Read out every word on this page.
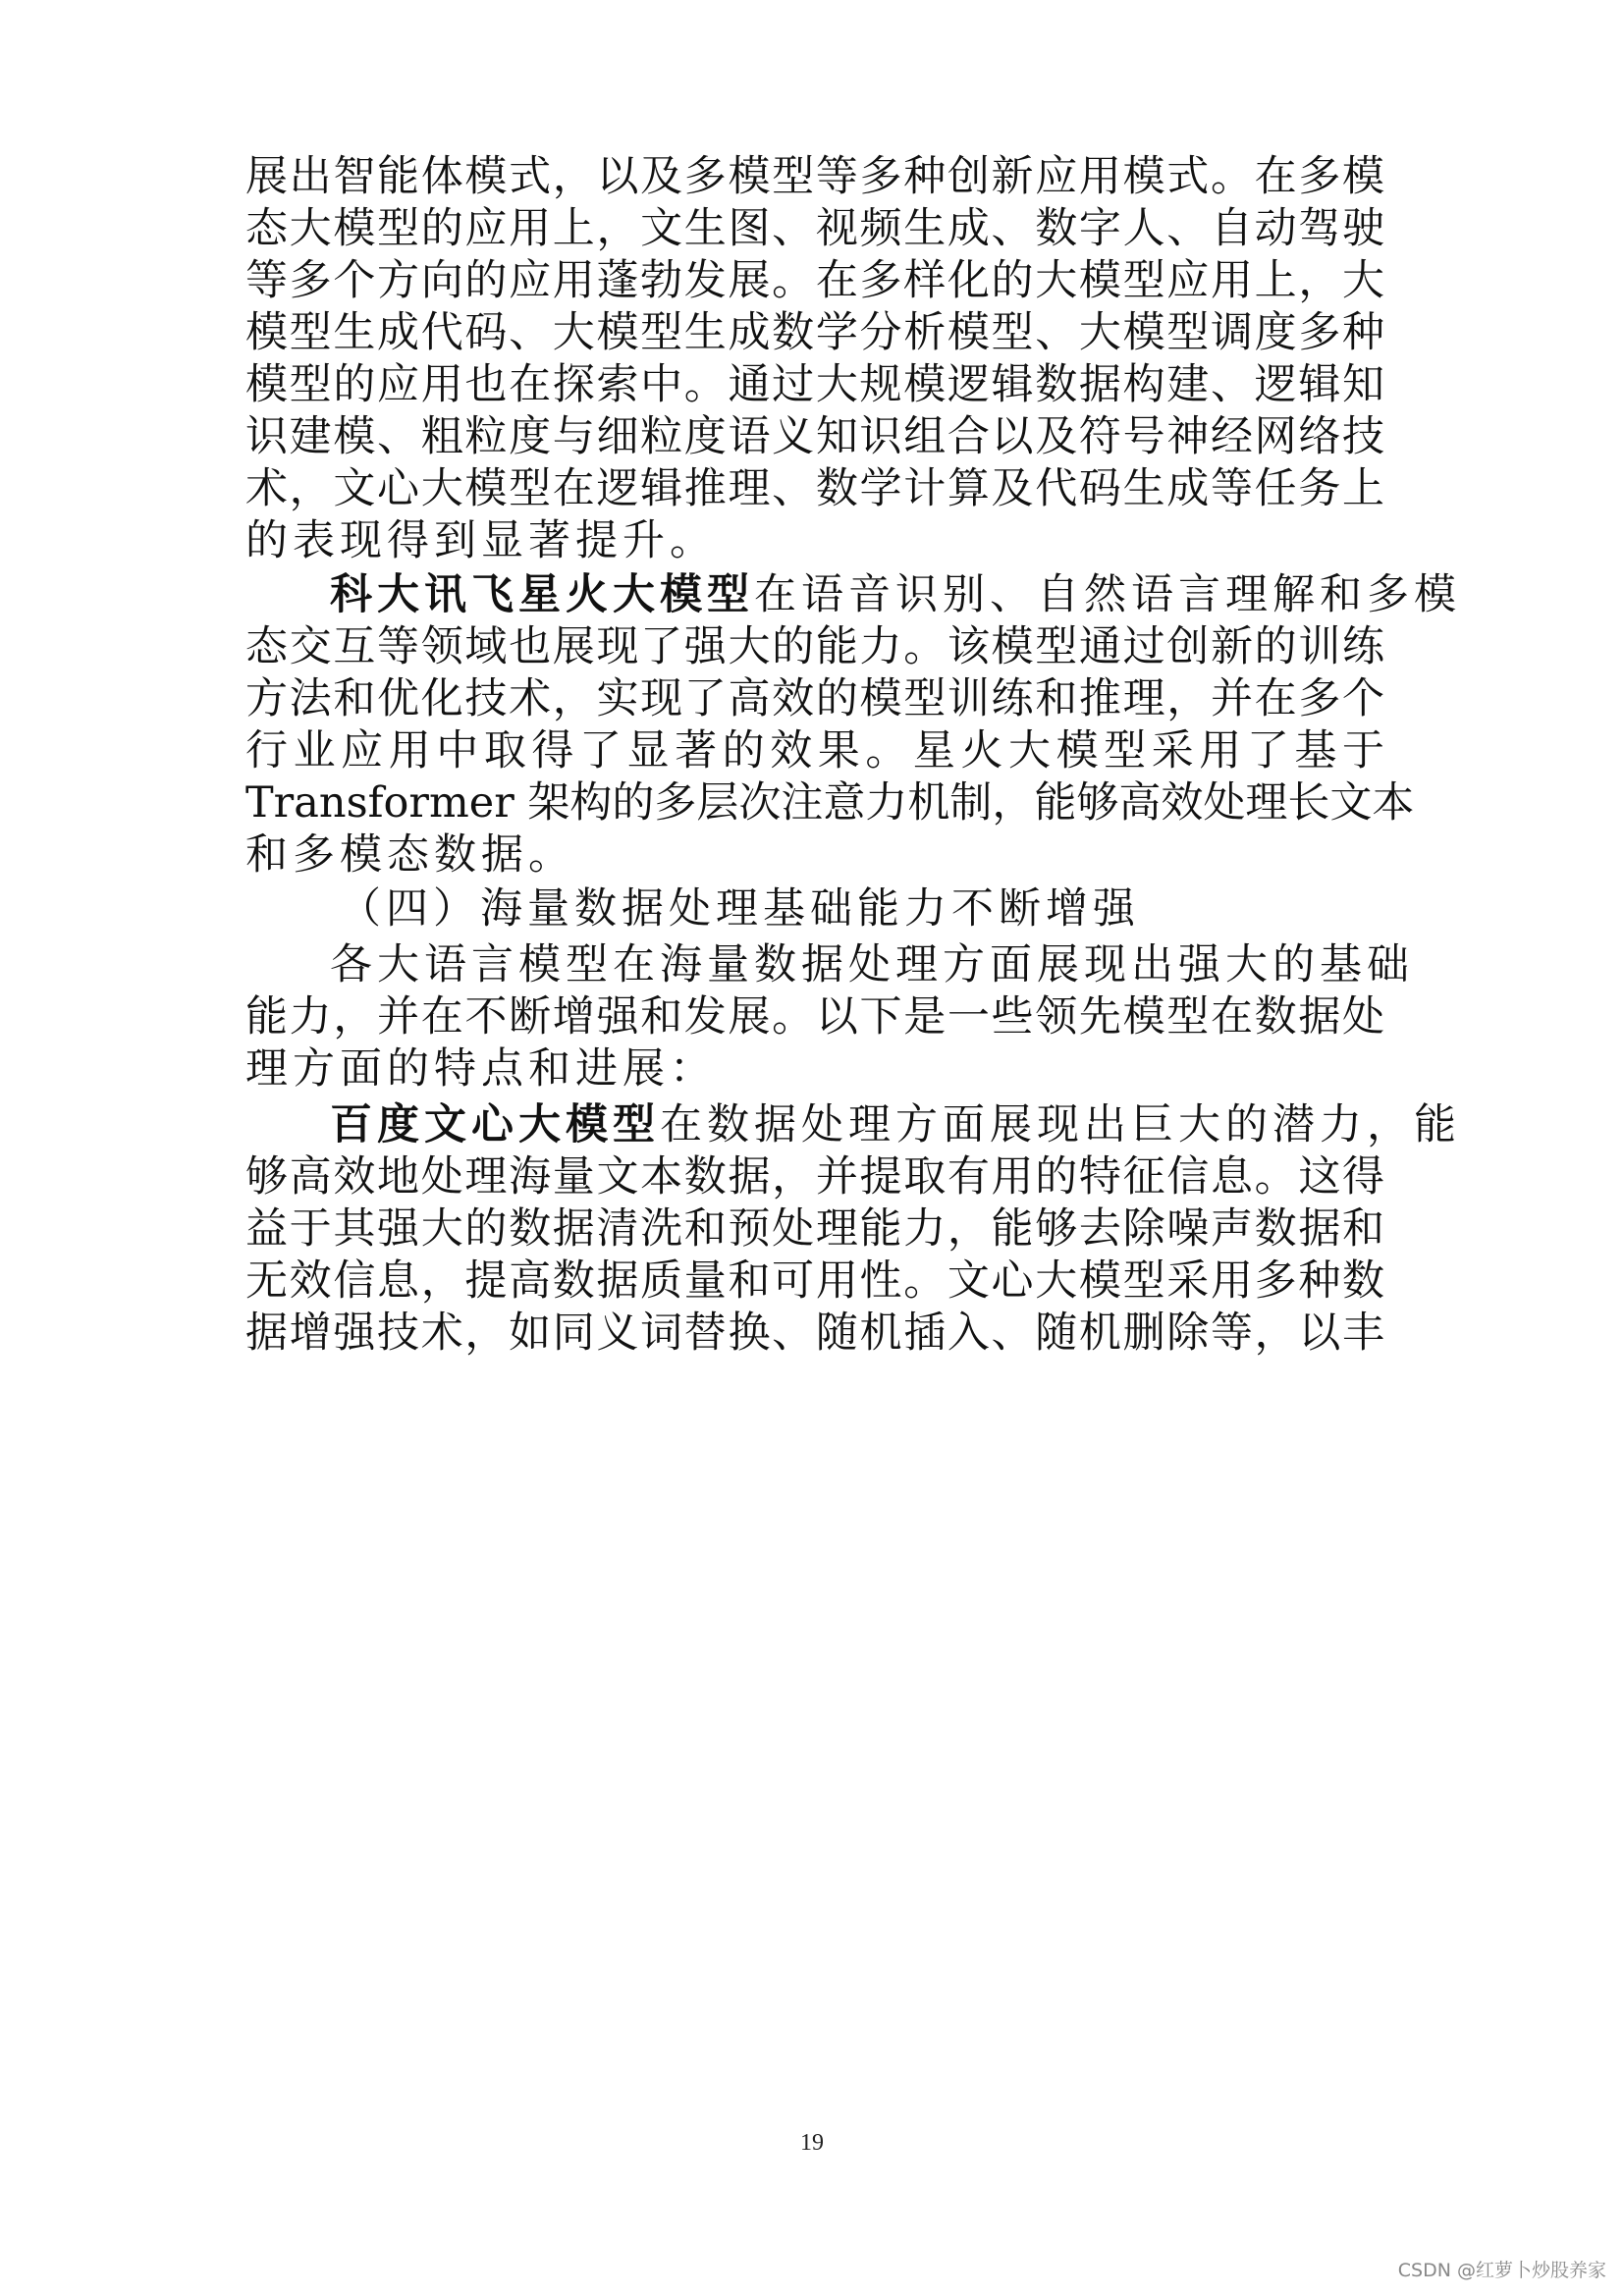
展出智能体模式，以及多模型等多种创新应用模式。在多模
态大模型的应用上，文生图、视频生成、数字人、自动驾驶
等多个方向的应用蓬勃发展。在多样化的大模型应用上，大
模型生成代码、大模型生成数学分析模型、大模型调度多种
模型的应用也在探索中。通过大规模逻辑数据构建、逻辑知
识建模、粗粒度与细粒度语义知识组合以及符号神经网络技
术，文心大模型在逻辑推理、数学计算及代码生成等任务上
的表现得到显著提升。
科大讯飞星火大模型在语音识别、自然语言理解和多模
态交互等领域也展现了强大的能力。该模型通过创新的训练
方法和优化技术，实现了高效的模型训练和推理，并在多个
行业应用中取得了显著的效果。星火大模型采用了基于
Transformer 架构的多层次注意力机制，能够高效处理长文本
和多模态数据。
（四）海量数据处理基础能力不断增强
各大语言模型在海量数据处理方面展现出强大的基础
能力，并在不断增强和发展。以下是一些领先模型在数据处
理方面的特点和进展：
百度文心大模型在数据处理方面展现出巨大的潜力，能
够高效地处理海量文本数据，并提取有用的特征信息。这得
益于其强大的数据清洗和预处理能力，能够去除噪声数据和
无效信息，提高数据质量和可用性。文心大模型采用多种数
据增强技术，如同义词替换、随机插入、随机删除等，以丰
19
CSDN @红萝卜炒股养家
